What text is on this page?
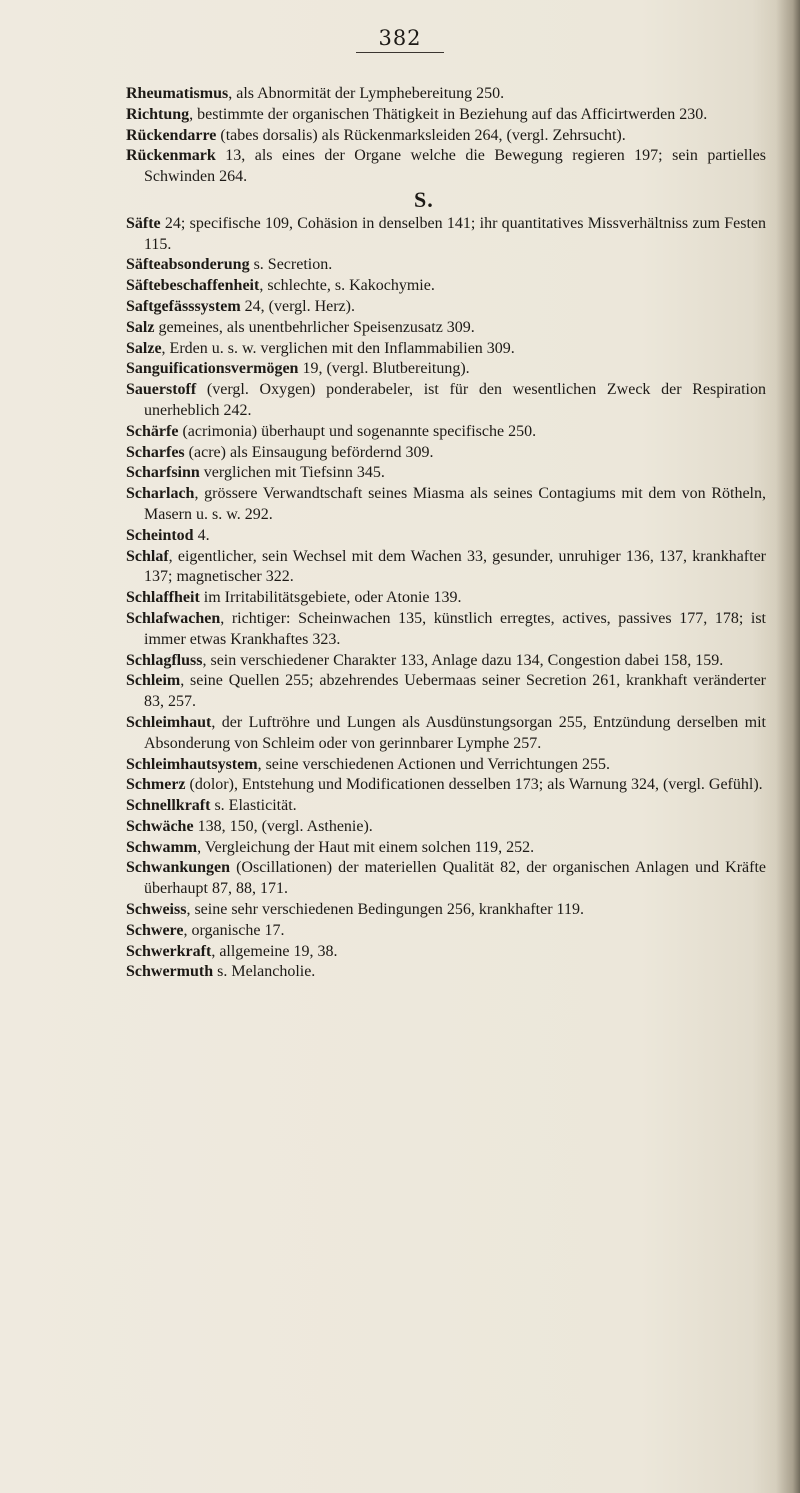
382

Rheumatismus, als Abnormität der Lymphebereitung 250.

Richtung, bestimmte der organischen Thätigkeit in Beziehung auf das Afficirtwerden 230.

Rückendarre (tabes dorsalis) als Rückenmarksleiden 264, (vergl. Zehrsucht).

Rückenmark 13, als eines der Organe welche die Bewegung regieren 197; sein partielles Schwinden 264.

S.

Säfte 24; specifische 109, Cohäsion in denselben 141; ihr quantitatives Missverhältniss zum Festen 115.

Säfteabsonderung s. Secretion.

Säftebeschaffenheit, schlechte, s. Kakochymie.

Saftgefässsystem 24, (vergl. Herz).

Salz gemeines, als unentbehrlicher Speisenzusatz 309.

Salze, Erden u. s. w. verglichen mit den Inflammabilien 309.

Sanguificationsvermögen 19, (vergl. Blutbereitung).

Sauerstoff (vergl. Oxygen) ponderabeler, ist für den wesentlichen Zweck der Respiration unerheblich 242.

Schärfe (acrimonia) überhaupt und sogenannte specifische 250.

Scharfes (acre) als Einsaugung befördernd 309.

Scharfsinn verglichen mit Tiefsinn 345.

Scharlach, grössere Verwandtschaft seines Miasma als seines Contagiums mit dem von Rötheln, Masern u. s. w. 292.

Scheintod 4.

Schlaf, eigentlicher, sein Wechsel mit dem Wachen 33, gesunder, unruhiger 136, 137, krankhafter 137; magnetischer 322.

Schlaffheit im Irritabilitätsgebiete, oder Atonie 139.

Schlafwachen, richtiger: Scheinwachen 135, künstlich erregtes, actives, passives 177, 178; ist immer etwas Krankhaftes 323.

Schlagfluss, sein verschiedener Charakter 133, Anlage dazu 134, Congestion dabei 158, 159.

Schleim, seine Quellen 255; abzehrendes Uebermaas seiner Secretion 261, krankhaft veränderter 83, 257.

Schleimhaut, der Luftröhre und Lungen als Ausdünstungsorgan 255, Entzündung derselben mit Absonderung von Schleim oder von gerinnbarer Lymphe 257.

Schleimhautsystem, seine verschiedenen Actionen und Verrichtungen 255.

Schmerz (dolor), Entstehung und Modificationen desselben 173; als Warnung 324, (vergl. Gefühl).

Schnellkraft s. Elasticität.

Schwäche 138, 150, (vergl. Asthenie).

Schwamm, Vergleichung der Haut mit einem solchen 119, 252.

Schwankungen (Oscillationen) der materiellen Qualität 82, der organischen Anlagen und Kräfte überhaupt 87, 88, 171.

Schweiss, seine sehr verschiedenen Bedingungen 256, krankhafter 119.

Schwere, organische 17.

Schwerkraft, allgemeine 19, 38.

Schwermuth s. Melancholie.
